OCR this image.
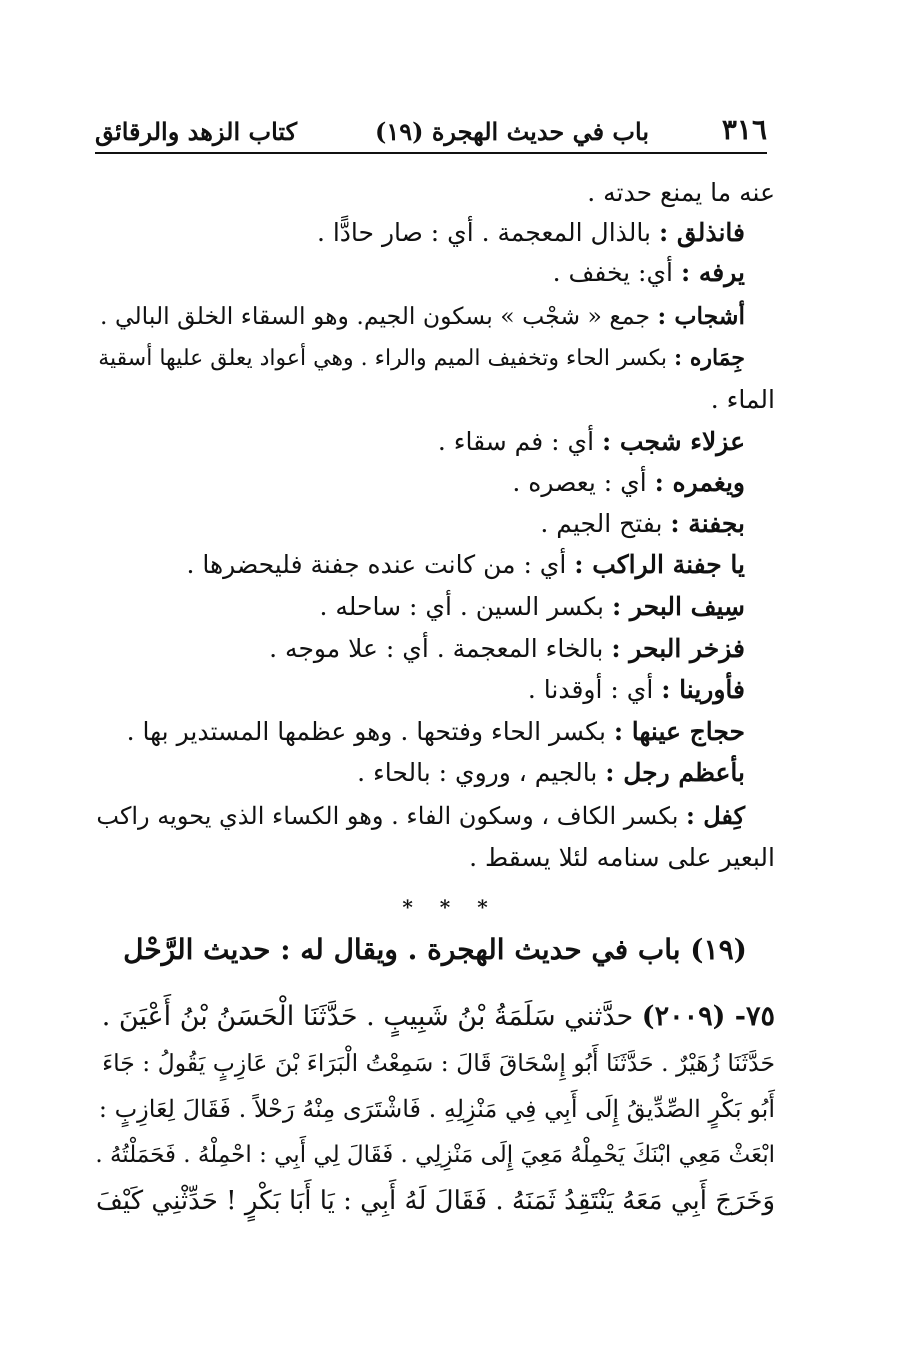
كتاب الزهد والرقائق	(١٩) باب في حديث الهجرة	٣١٦
عنه ما يمنع حدته .
فانذلق : بالذال المعجمة . أي : صار حادًّا .
يرفه : أي: يخفف .
أشجاب : جمع « شجْب » بسكون الجيم. وهو السقاء الخلق البالي .
جِمَاره : بكسر الحاء وتخفيف الميم والراء . وهي أعواد يعلق عليها أسقية
الماء .
عزلاء شجب : أي : فم سقاء .
ويغمره : أي : يعصره .
بجفنة : بفتح الجيم .
يا جفنة الراكب : أي : من كانت عنده جفنة فليحضرها .
سِيف البحر : بكسر السين . أي : ساحله .
فزخر البحر : بالخاء المعجمة . أي : علا موجه .
فأورينا : أي : أوقدنا .
حجاج عينها : بكسر الحاء وفتحها . وهو عظمها المستدير بها .
بأعظم رجل : بالجيم ، وروي : بالحاء .
كِفل : بكسر الكاف ، وسكون الفاء . وهو الكساء الذي يحويه راكب
البعير على سنامه لئلا يسقط .
* * *
(١٩) باب في حديث الهجرة . ويقال له : حديث الرَّحْل
٧٥- (٢٠٠٩) حدَّثني سَلَمَةُ بْنُ شَبِيبٍ . حَدَّثَنَا الْحَسَنُ بْنُ أَعْيَنَ .
حَدَّثَنَا زُهَيْرٌ . حَدَّثَنَا أَبُو إِسْحَاقَ قَالَ : سَمِعْتُ الْبَرَاءَ بْنَ عَازِبٍ يَقُولُ : جَاءَ
أَبُو بَكْرٍ الصِّدِّيقُ إِلَى أَبِي فِي مَنْزِلِهِ . فَاشْتَرَى مِنْهُ رَحْلاً . فَقَالَ لِعَازِبٍ :
ابْعَثْ مَعِي ابْنَكَ يَحْمِلْهُ مَعِيَ إِلَى مَنْزِلِي . فَقَالَ لِي أَبِي : احْمِلْهُ . فَحَمَلْتُهُ .
وَخَرَجَ أَبِي مَعَهُ يَنْتَقِدُ ثَمَنَهُ . فَقَالَ لَهُ أَبِي : يَا أَبَا بَكْرٍ ! حَدِّثْنِي كَيْفَ
